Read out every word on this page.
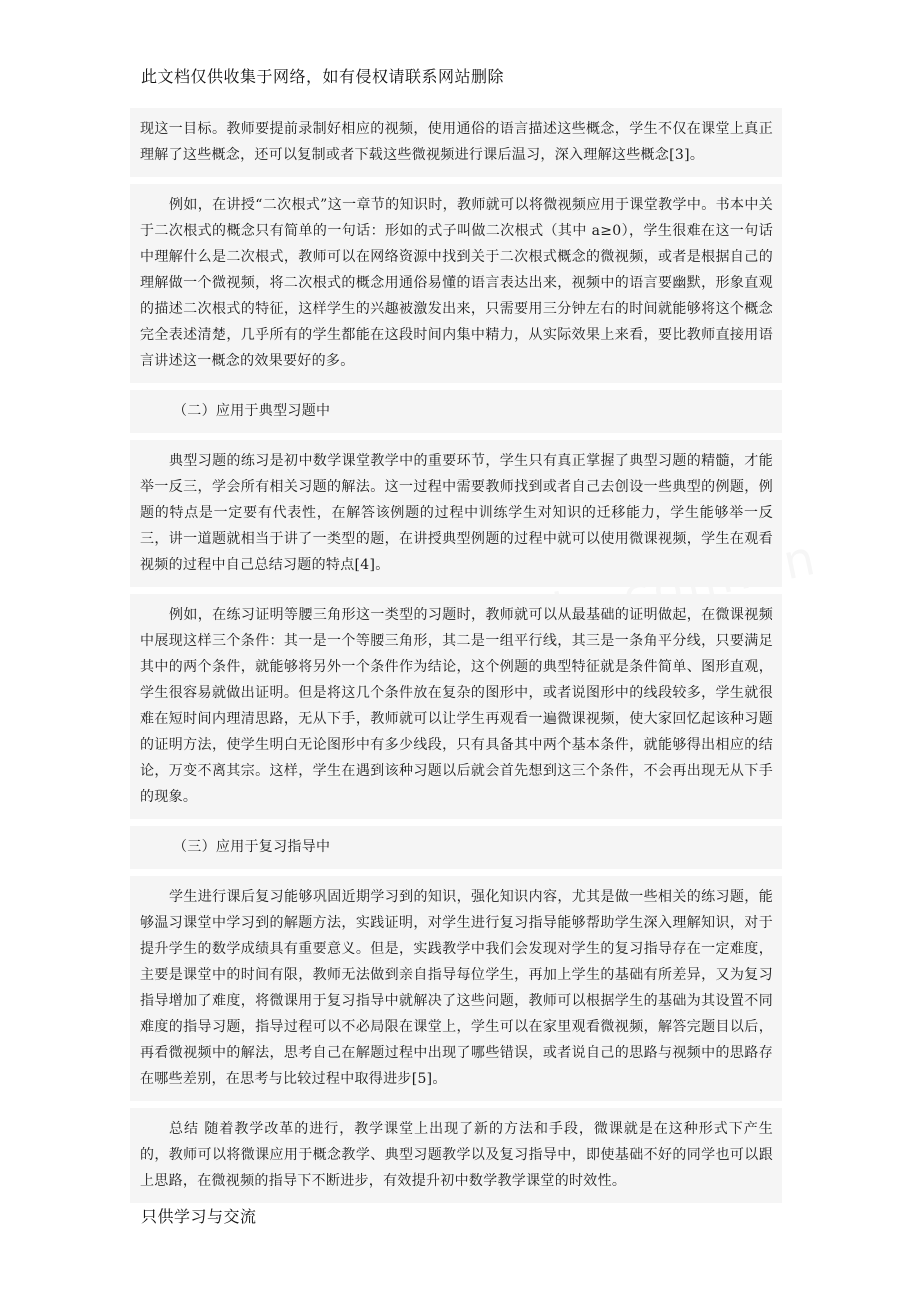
此文档仅供收集于网络，如有侵权请联系网站删除

现这一目标。教师要提前录制好相应的视频，使用通俗的语言描述这些概念，学生不仅在课堂上真正理解了这些概念，还可以复制或者下载这些微视频进行课后温习，深入理解这些概念[3]。

例如，在讲授“二次根式”这一章节的知识时，教师就可以将微视频应用于课堂教学中。书本中关于二次根式的概念只有简单的一句话：形如的式子叫做二次根式（其中 a≥0），学生很难在这一句话中理解什么是二次根式，教师可以在网络资源中找到关于二次根式概念的微视频，或者是根据自己的理解做一个微视频，将二次根式的概念用通俗易懂的语言表达出来，视频中的语言要幽默，形象直观的描述二次根式的特征，这样学生的兴趣被激发出来，只需要用三分钟左右的时间就能够将这个概念完全表述清楚，几乎所有的学生都能在这段时间内集中精力，从实际效果上来看，要比教师直接用语言讲述这一概念的效果要好的多。

（二）应用于典型习题中

典型习题的练习是初中数学课堂教学中的重要环节，学生只有真正掌握了典型习题的精髓，才能举一反三，学会所有相关习题的解法。这一过程中需要教师找到或者自己去创设一些典型的例题，例题的特点是一定要有代表性，在解答该例题的过程中训练学生对知识的迁移能力，学生能够举一反三，讲一道题就相当于讲了一类型的题，在讲授典型例题的过程中就可以使用微课视频，学生在观看视频的过程中自己总结习题的特点[4]。

例如，在练习证明等腰三角形这一类型的习题时，教师就可以从最基础的证明做起，在微课视频中展现这样三个条件：其一是一个等腰三角形，其二是一组平行线，其三是一条角平分线，只要满足其中的两个条件，就能够将另外一个条件作为结论，这个例题的典型特征就是条件简单、图形直观，学生很容易就做出证明。但是将这几个条件放在复杂的图形中，或者说图形中的线段较多，学生就很难在短时间内理清思路，无从下手，教师就可以让学生再观看一遍微课视频，使大家回忆起该种习题的证明方法，使学生明白无论图形中有多少线段，只有具备其中两个基本条件，就能够得出相应的结论，万变不离其宗。这样，学生在遇到该种习题以后就会首先想到这三个条件，不会再出现无从下手的现象。

（三）应用于复习指导中

学生进行课后复习能够巩固近期学习到的知识，强化知识内容，尤其是做一些相关的练习题，能够温习课堂中学习到的解题方法，实践证明，对学生进行复习指导能够帮助学生深入理解知识，对于提升学生的数学成绩具有重要意义。但是，实践教学中我们会发现对学生的复习指导存在一定难度，主要是课堂中的时间有限，教师无法做到亲自指导每位学生，再加上学生的基础有所差异，又为复习指导增加了难度，将微课用于复习指导中就解决了这些问题，教师可以根据学生的基础为其设置不同难度的指导习题，指导过程可以不必局限在课堂上，学生可以在家里观看微视频，解答完题目以后，再看微视频中的解法，思考自己在解题过程中出现了哪些错误，或者说自己的思路与视频中的思路存在哪些差别，在思考与比较过程中取得进步[5]。

总结 随着教学改革的进行，教学课堂上出现了新的方法和手段，微课就是在这种形式下产生的，教师可以将微课应用于概念教学、典型习题教学以及复习指导中，即使基础不好的同学也可以跟上思路，在微视频的指导下不断进步，有效提升初中数学教学课堂的时效性。

只供学习与交流
